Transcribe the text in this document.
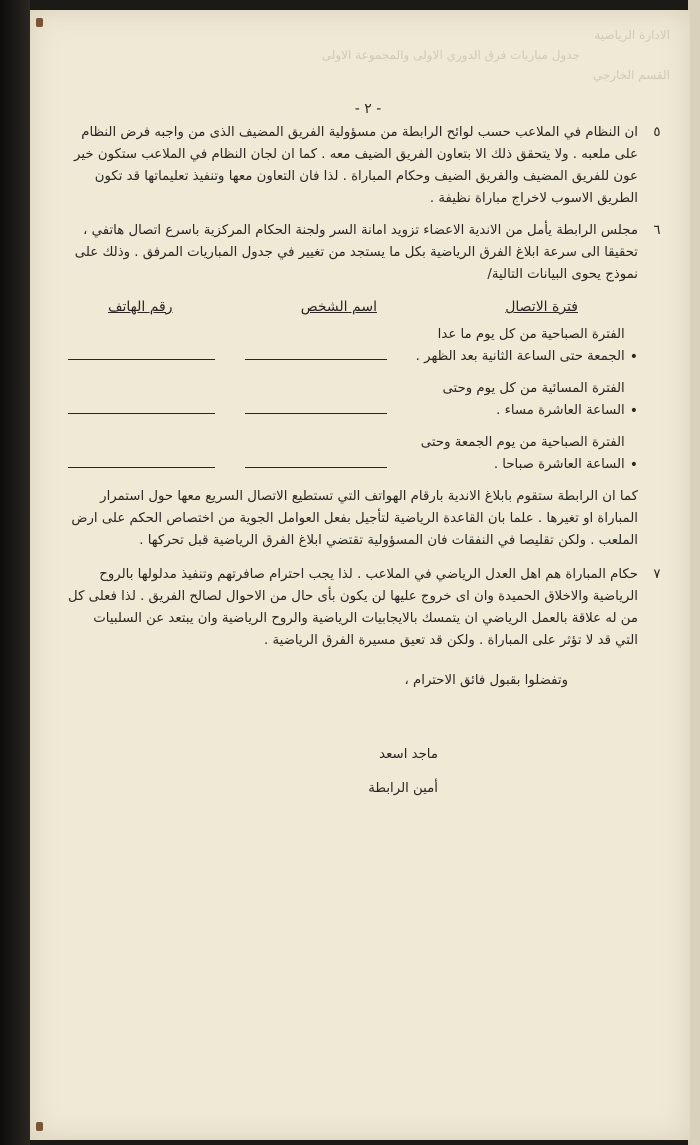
الادارة الرياضية
جدول مباريات فرق الدوري الاولى والمجموعة الاولى
القسم الخارجي
- ٢ -
٥
ان النظام في الملاعب حسب لوائح الرابطة من مسؤولية الفريق المضيف الذى من واجبه فرض النظام على ملعبه . ولا يتحقق ذلك الا بتعاون الفريق الضيف معه . كما ان لجان النظام في الملاعب ستكون خير عون للفريق المضيف والفريق الضيف وحكام المباراة . لذا فان التعاون معها وتنفيذ تعليماتها قد تكون الطريق الاسوب لاخراج مباراة نظيفة .
٦
مجلس الرابطة يأمل من الاندية الاعضاء تزويد امانة السر ولجنة الحكام المركزية باسرع اتصال هاتفي ، تحقيقا الى سرعة ابلاغ الفرق الرياضية بكل ما يستجد من تغيير في جدول المباريات المرفق . وذلك على نموذج يحوى البيانات التالية/
فترة الاتصال
اسم الشخص
رقم الهاتف
•
الفترة الصباحية من كل يوم ما عدا الجمعة حتى الساعة الثانية بعد الظهر .
•
الفترة المسائية من كل يوم وحتى الساعة العاشرة مساء .
•
الفترة الصباحية من يوم الجمعة وحتى الساعة العاشرة صباحا .
كما ان الرابطة ستقوم بابلاغ الاندية بارقام الهواتف التي تستطيع الاتصال السريع معها حول استمرار المباراة او تغيرها . علما بان القاعدة الرياضية لتأجيل بفعل العوامل الجوية من اختصاص الحكم على ارض الملعب . ولكن تقليصا في النفقات فان المسؤولية تقتضي ابلاغ الفرق الرياضية قبل تحركها .
٧
حكام المباراة هم اهل العدل الرياضي في الملاعب . لذا يجب احترام صافرتهم وتنفيذ مدلولها بالروح الرياضية والاخلاق الحميدة وان اى خروج عليها لن يكون بأى حال من الاحوال لصالح الفريق . لذا فعلى كل من له علاقة بالعمل الرياضي ان يتمسك بالايجابيات الرياضية والروح الرياضية وان يبتعد عن السلبيات التي قد لا تؤثر على المباراة . ولكن قد تعيق مسيرة الفرق الرياضية .
وتفضلوا بقبول فائق الاحترام ،
ماجد اسعد
أمين الرابطة
